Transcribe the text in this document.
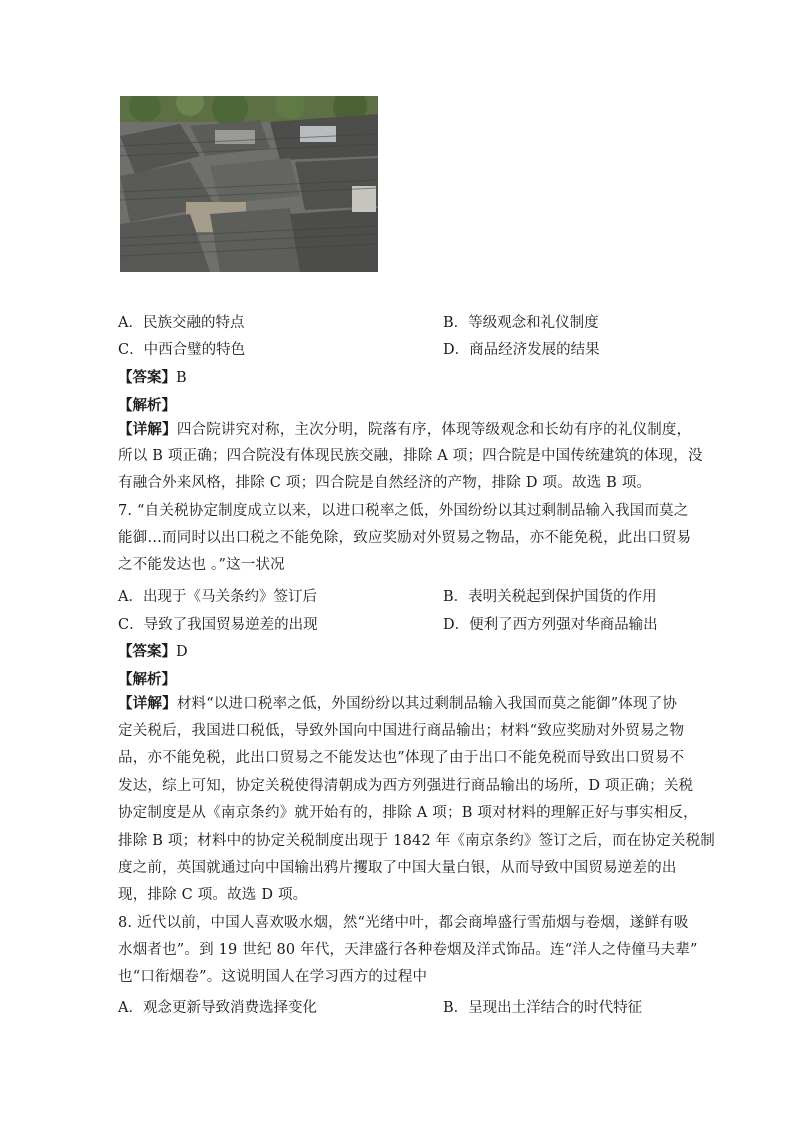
A．民族交融的特点	B．等级观念和礼仪制度
C．中西合璧的特色	D．商品经济发展的结果
【答案】B
【解析】
【详解】四合院讲究对称，主次分明，院落有序，体现等级观念和长幼有序的礼仪制度，
所以 B 项正确；四合院没有体现民族交融，排除 A 项；四合院是中国传统建筑的体现，没
有融合外来风格，排除 C 项；四合院是自然经济的产物，排除 D 项。故选 B 项。
7. “自关税协定制度成立以来，以进口税率之低，外国纷纷以其过剩制品输入我国而莫之
能御…而同时以出口税之不能免除，致应奖励对外贸易之物品，亦不能免税，此出口贸易
之不能发达也 。”这一状况
A．出现于《马关条约》签订后	B．表明关税起到保护国货的作用
C．导致了我国贸易逆差的出现	D．便利了西方列强对华商品输出
【答案】D
【解析】
【详解】材料“以进口税率之低，外国纷纷以其过剩制品输入我国而莫之能御”体现了协
定关税后，我国进口税低，导致外国向中国进行商品输出；材料“致应奖励对外贸易之物
品，亦不能免税，此出口贸易之不能发达也”体现了由于出口不能免税而导致出口贸易不
发达，综上可知，协定关税使得清朝成为西方列强进行商品输出的场所，D 项正确；关税
协定制度是从《南京条约》就开始有的，排除 A 项；B 项对材料的理解正好与事实相反，
排除 B 项；材料中的协定关税制度出现于 1842 年《南京条约》签订之后，而在协定关税制
度之前，英国就通过向中国输出鸦片攫取了中国大量白银，从而导致中国贸易逆差的出
现，排除 C 项。故选 D 项。
8. 近代以前，中国人喜欢吸水烟，然“光绪中叶，都会商埠盛行雪茄烟与卷烟，遂鲜有吸
水烟者也”。到 19 世纪 80 年代，天津盛行各种卷烟及洋式饰品。连“洋人之侍僮马夫辈”
也“口衔烟卷”。这说明国人在学习西方的过程中
A．观念更新导致消费选择变化	B．呈现出土洋结合的时代特征
